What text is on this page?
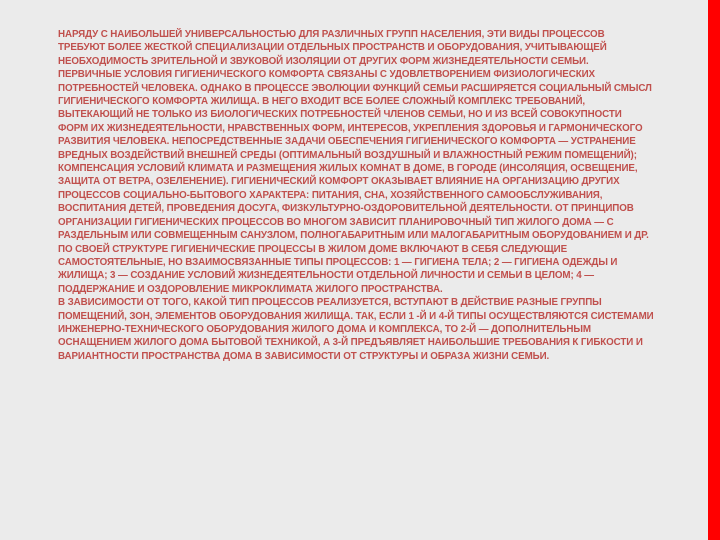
НАРЯДУ С НАИБОЛЬШЕЙ УНИВЕРСАЛЬНОСТЬЮ ДЛЯ РАЗЛИЧНЫХ ГРУПП НАСЕЛЕНИЯ, ЭТИ ВИДЫ ПРОЦЕССОВ ТРЕБУЮТ БОЛЕЕ ЖЕСТКОЙ СПЕЦИАЛИЗАЦИИ ОТДЕЛЬНЫХ ПРОСТРАНСТВ И ОБОРУДОВАНИЯ, УЧИТЫВАЮЩЕЙ НЕОБХОДИМОСТЬ ЗРИТЕЛЬНОЙ И ЗВУКОВОЙ ИЗОЛЯЦИИ ОТ ДРУГИХ ФОРМ ЖИЗНЕДЕЯТЕЛЬНОСТИ СЕМЬИ. ПЕРВИЧНЫЕ УСЛОВИЯ ГИГИЕНИЧЕСКОГО КОМФОРТА СВЯЗАНЫ С УДОВЛЕТВОРЕНИЕМ ФИЗИОЛОГИЧЕСКИХ ПОТРЕБНОСТЕЙ ЧЕЛОВЕКА. ОДНАКО В ПРОЦЕССЕ ЭВОЛЮЦИИ ФУНКЦИЙ СЕМЬИ РАСШИРЯЕТСЯ СОЦИАЛЬНЫЙ СМЫСЛ ГИГИЕНИЧЕСКОГО КОМФОРТА ЖИЛИЩА. В НЕГО ВХОДИТ ВСЕ БОЛЕЕ СЛОЖНЫЙ КОМПЛЕКС ТРЕБОВАНИЙ, ВЫТЕКАЮЩИЙ НЕ ТОЛЬКО ИЗ БИОЛОГИЧЕСКИХ ПОТРЕБНОСТЕЙ ЧЛЕНОВ СЕМЬИ, НО И ИЗ ВСЕЙ СОВОКУПНОСТИ ФОРМ ИХ ЖИЗНЕДЕЯТЕЛЬНОСТИ, НРАВСТВЕННЫХ ФОРМ, ИНТЕРЕСОВ, УКРЕПЛЕНИЯ ЗДОРОВЬЯ И ГАРМОНИЧЕСКОГО РАЗВИТИЯ ЧЕЛОВЕКА. НЕПОСРЕДСТВЕННЫЕ ЗАДАЧИ ОБЕСПЕЧЕНИЯ ГИГИЕНИЧЕСКОГО КОМФОРТА — УСТРАНЕНИЕ ВРЕДНЫХ ВОЗДЕЙСТВИЙ ВНЕШНЕЙ СРЕДЫ (ОПТИМАЛЬНЫЙ ВОЗДУШНЫЙ И ВЛАЖНОСТНЫЙ РЕЖИМ ПОМЕЩЕНИЙ); КОМПЕНСАЦИЯ УСЛОВИЙ КЛИМАТА И РАЗМЕЩЕНИЯ ЖИЛЫХ КОМНАТ В ДОМЕ, В ГОРОДЕ (ИНСОЛЯЦИЯ, ОСВЕЩЕНИЕ, ЗАЩИТА ОТ ВЕТРА, ОЗЕЛЕНЕНИЕ). ГИГИЕНИЧЕСКИЙ КОМФОРТ ОКАЗЫВАЕТ ВЛИЯНИЕ НА ОРГАНИЗАЦИЮ ДРУГИХ ПРОЦЕССОВ СОЦИАЛЬНО-БЫТОВОГО ХАРАКТЕРА: ПИТАНИЯ, СНА, ХОЗЯЙСТВЕННОГО САМООБСЛУЖИВАНИЯ, ВОСПИТАНИЯ ДЕТЕЙ, ПРОВЕДЕНИЯ ДОСУГА, ФИЗКУЛЬТУРНО-ОЗДОРОВИТЕЛЬНОЙ ДЕЯТЕЛЬНОСТИ. ОТ ПРИНЦИПОВ ОРГАНИЗАЦИИ ГИГИЕНИЧЕСКИХ ПРОЦЕССОВ ВО МНОГОМ ЗАВИСИТ ПЛАНИРОВОЧНЫЙ ТИП ЖИЛОГО ДОМА — С РАЗДЕЛЬНЫМ ИЛИ СОВМЕЩЕННЫМ САНУЗЛОМ, ПОЛНОГАБАРИТНЫМ ИЛИ МАЛОГАБАРИТНЫМ ОБОРУДОВАНИЕМ И ДР.

ПО СВОЕЙ СТРУКТУРЕ ГИГИЕНИЧЕСКИЕ ПРОЦЕССЫ В ЖИЛОМ ДОМЕ ВКЛЮЧАЮТ В СЕБЯ СЛЕДУЮЩИЕ САМОСТОЯТЕЛЬНЫЕ, НО ВЗАИМОСВЯЗАННЫЕ ТИПЫ ПРОЦЕССОВ: 1 — ГИГИЕНА ТЕЛА; 2 — ГИГИЕНА ОДЕЖДЫ И ЖИЛИЩА; 3 — СОЗДАНИЕ УСЛОВИЙ ЖИЗНЕДЕЯТЕЛЬНОСТИ ОТДЕЛЬНОЙ ЛИЧНОСТИ И СЕМЬИ В ЦЕЛОМ; 4 — ПОДДЕРЖАНИЕ И ОЗДОРОВЛЕНИЕ МИКРОКЛИМАТА ЖИЛОГО ПРОСТРАНСТВА.

В ЗАВИСИМОСТИ ОТ ТОГО, КАКОЙ ТИП ПРОЦЕССОВ РЕАЛИЗУЕТСЯ, ВСТУПАЮТ В ДЕЙСТВИЕ РАЗНЫЕ ГРУППЫ ПОМЕЩЕНИЙ, ЗОН, ЭЛЕМЕНТОВ ОБОРУДОВАНИЯ ЖИЛИЩА. ТАК, ЕСЛИ 1 -Й И 4-Й ТИПЫ ОСУЩЕСТВЛЯЮТСЯ СИСТЕМАМИ ИНЖЕНЕРНО-ТЕХНИЧЕСКОГО ОБОРУДОВАНИЯ ЖИЛОГО ДОМА И КОМПЛЕКСА, ТО 2-Й — ДОПОЛНИТЕЛЬНЫМ ОСНАЩЕНИЕМ ЖИЛОГО ДОМА БЫТОВОЙ ТЕХНИКОЙ, А 3-Й ПРЕДЪЯВЛЯЕТ НАИБОЛЬШИЕ ТРЕБОВАНИЯ К ГИБКОСТИ И ВАРИАНТНОСТИ ПРОСТРАНСТВА ДОМА В ЗАВИСИМОСТИ ОТ СТРУКТУРЫ И ОБРАЗА ЖИЗНИ СЕМЬИ.
